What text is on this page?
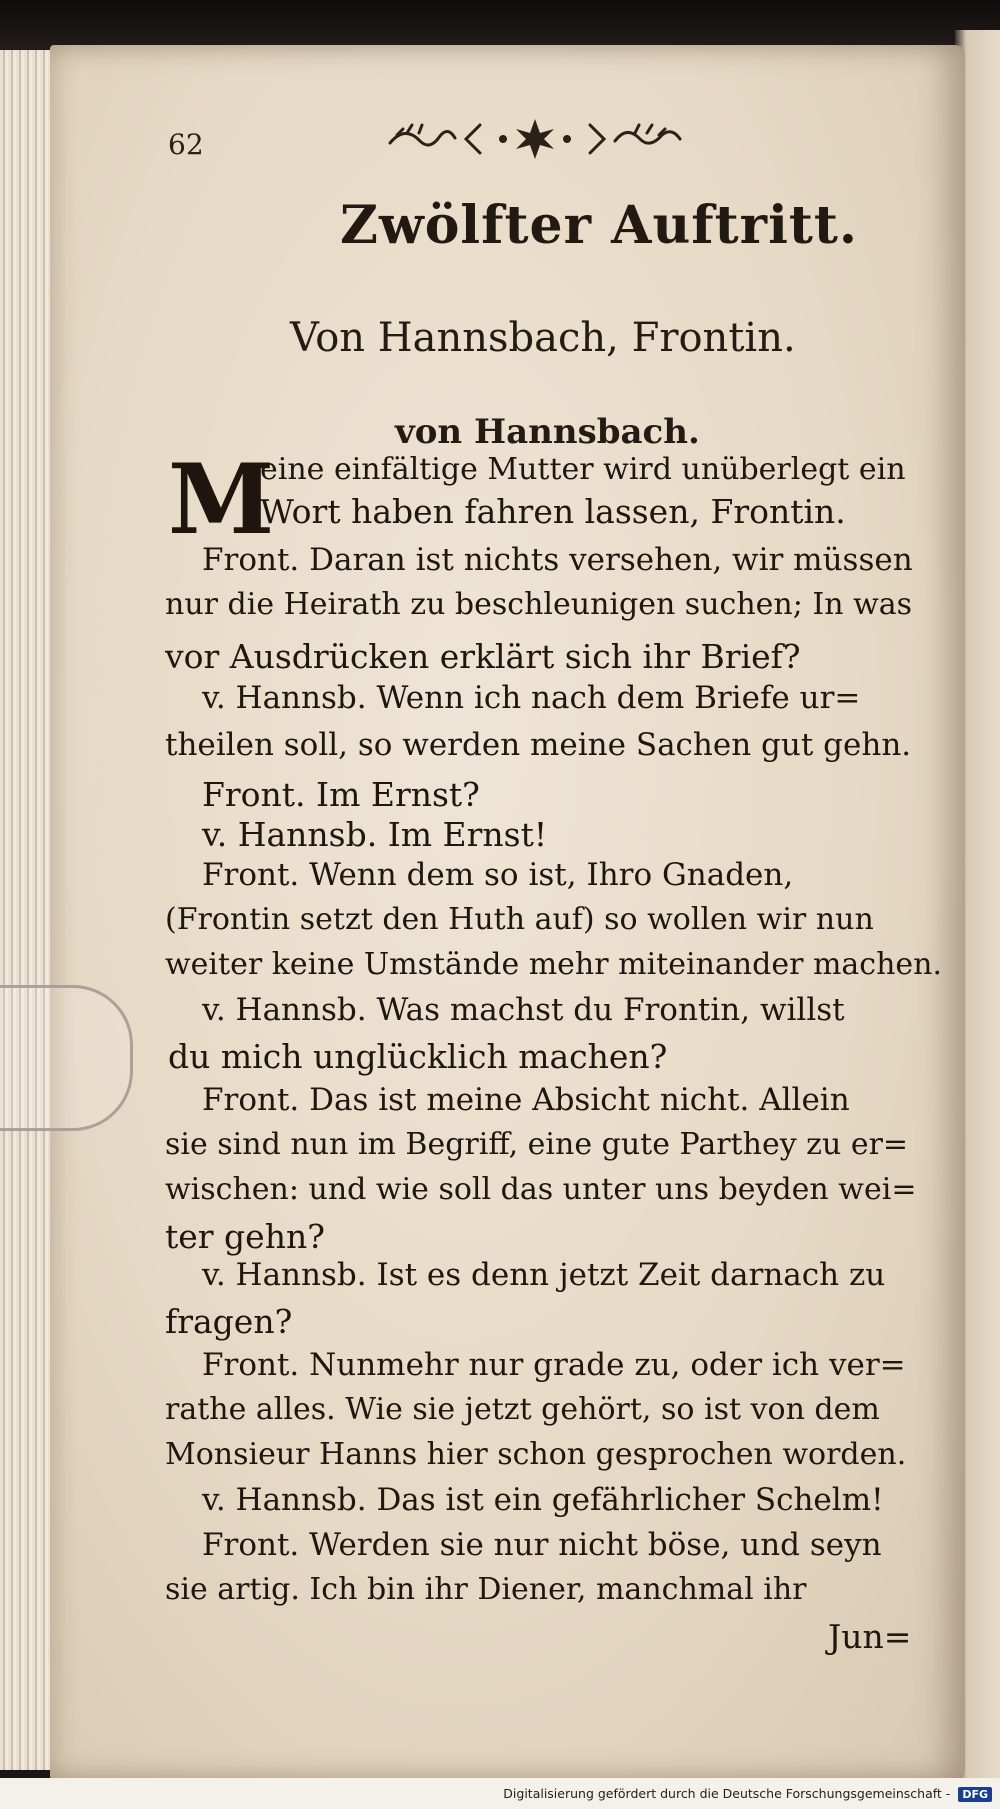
62
Zwölfter Auftritt.
Von Hannsbach, Frontin.
von Hannsbach.
M
eine einfältige Mutter wird unüberlegt ein
Wort haben fahren lassen, Frontin.
Front. Daran ist nichts versehen, wir müssen
nur die Heirath zu beschleunigen suchen; In was
vor Ausdrücken erklärt sich ihr Brief?
v. Hannsb. Wenn ich nach dem Briefe ur=
theilen soll, so werden meine Sachen gut gehn.
Front. Im Ernst?
v. Hannsb. Im Ernst!
Front. Wenn dem so ist, Ihro Gnaden,
(Frontin setzt den Huth auf) so wollen wir nun
weiter keine Umstände mehr miteinander machen.
v. Hannsb. Was machst du Frontin, willst
du mich unglücklich machen?
Front. Das ist meine Absicht nicht. Allein
sie sind nun im Begriff, eine gute Parthey zu er=
wischen: und wie soll das unter uns beyden wei=
ter gehn?
v. Hannsb. Ist es denn jetzt Zeit darnach zu
fragen?
Front. Nunmehr nur grade zu, oder ich ver=
rathe alles. Wie sie jetzt gehört, so ist von dem
Monsieur Hanns hier schon gesprochen worden.
v. Hannsb. Das ist ein gefährlicher Schelm!
Front. Werden sie nur nicht böse, und seyn
sie artig. Ich bin ihr Diener, manchmal ihr
Jun=
Digitalisierung gefördert durch die Deutsche Forschungsgemeinschaft - DFG
